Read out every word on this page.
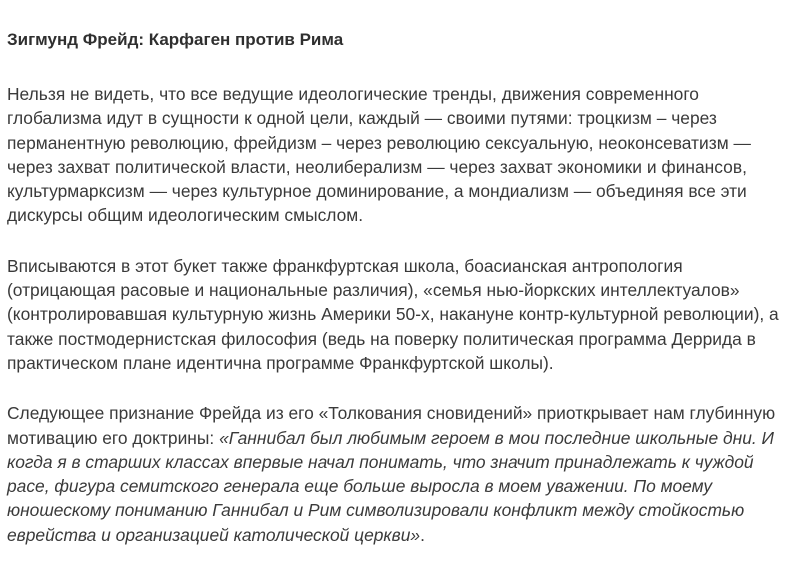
Зигмунд Фрейд: Карфаген против Рима

Нельзя не видеть, что все ведущие идеологические тренды, движения современного глобализма идут в сущности к одной цели, каждый — своими путями: троцкизм – через перманентную революцию, фрейдизм – через революцию сексуальную, неоконсеватизм — через захват политической власти, неолиберализм — через захват экономики и финансов, культурмарксизм — через культурное доминирование, а мондиализм — объединяя все эти дискурсы общим идеологическим смыслом.

Вписываются в этот букет также франкфуртская школа, боасианская антропология (отрицающая расовые и национальные различия), «семья нью-йоркских интеллектуалов» (контролировавшая культурную жизнь Америки 50-х, накануне контр-культурной революции), а также постмодернистская философия (ведь на поверку политическая программа Деррида в практическом плане идентична программе Франкфуртской школы).

Следующее признание Фрейда из его «Толкования сновидений» приоткрывает нам глубинную мотивацию его доктрины: «Ганнибал был любимым героем в мои последние школьные дни. И когда я в старших классах впервые начал понимать, что значит принадлежать к чуждой расе, фигура семитского генерала еще больше выросла в моем уважении. По моему юношескому пониманию Ганнибал и Рим символизировали конфликт между стойкостью еврейства и организацией католической церкви».
